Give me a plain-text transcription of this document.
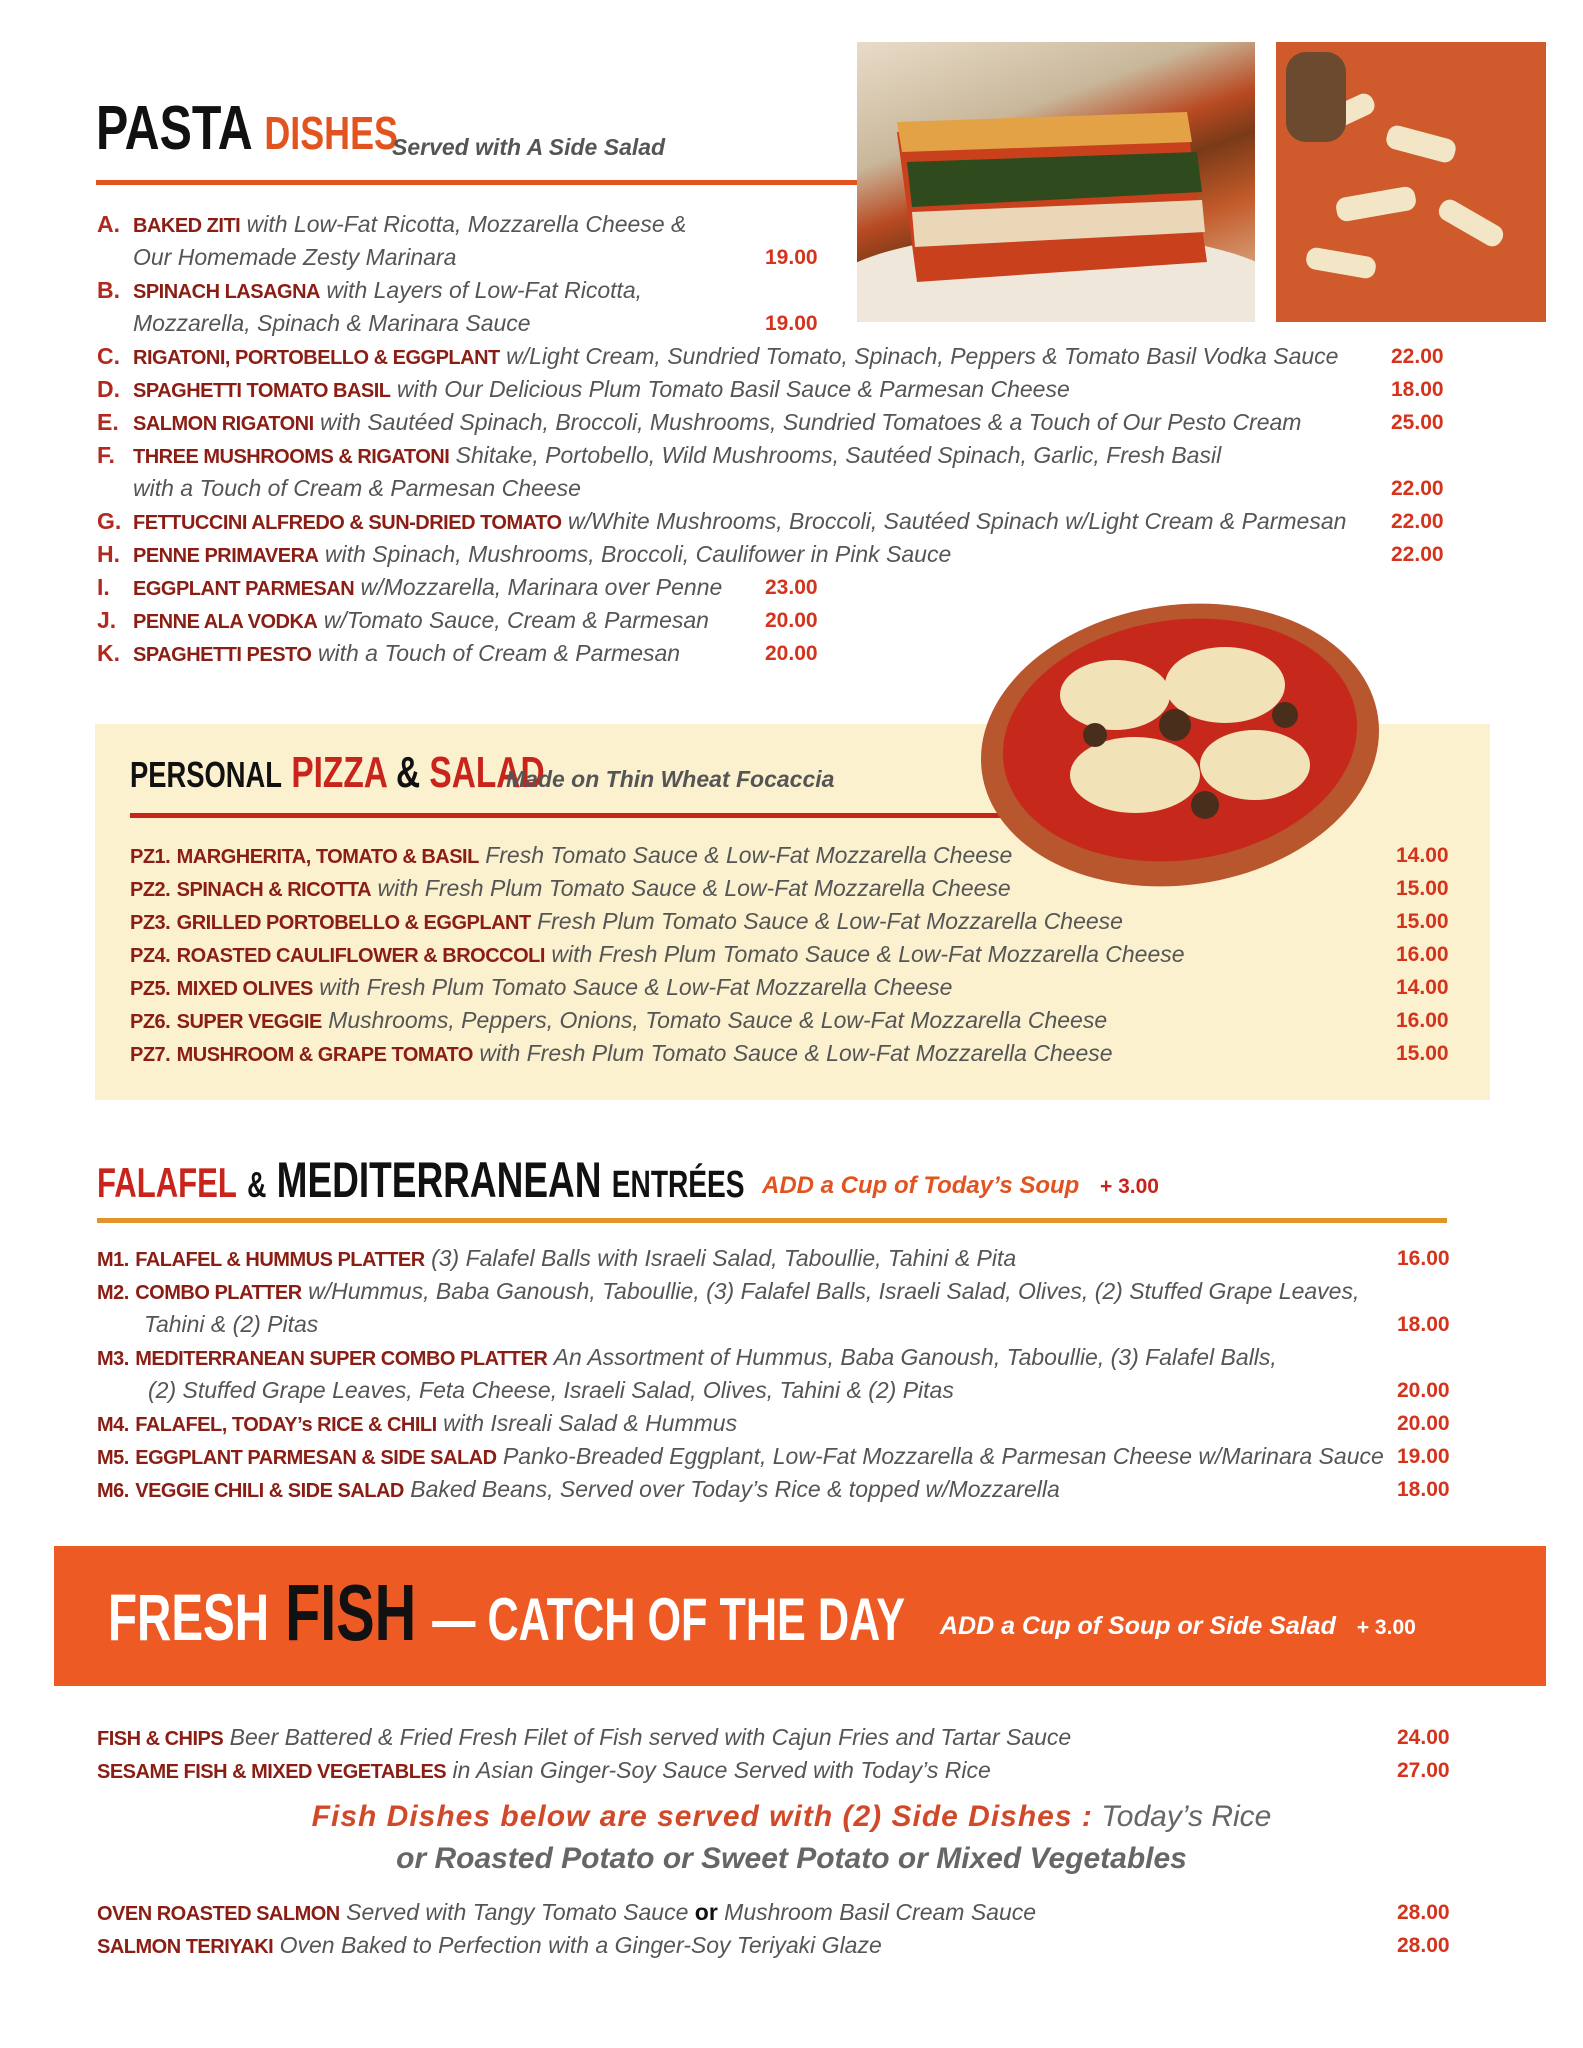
PASTA DISHES
Served with A Side Salad
A. BAKED ZITI with Low-Fat Ricotta, Mozzarella Cheese &
Our Homemade Zesty Marinara	19.00
B. SPINACH LASAGNA with Layers of Low-Fat Ricotta,
Mozzarella, Spinach & Marinara Sauce	19.00
C. RIGATONI, PORTOBELLO & EGGPLANT w/Light Cream, Sundried Tomato, Spinach, Peppers & Tomato Basil Vodka Sauce	22.00
D. SPAGHETTI TOMATO BASIL with Our Delicious Plum Tomato Basil Sauce & Parmesan Cheese	18.00
E. SALMON RIGATONI with Sautéed Spinach, Broccoli, Mushrooms, Sundried Tomatoes & a Touch of Our Pesto Cream	25.00
F. THREE MUSHROOMS & RIGATONI Shitake, Portobello, Wild Mushrooms, Sautéed Spinach, Garlic, Fresh Basil
with a Touch of Cream & Parmesan Cheese	22.00
G. FETTUCCINI ALFREDO & SUN-DRIED TOMATO w/White Mushrooms, Broccoli, Sautéed Spinach w/Light Cream & Parmesan 22.00
H. PENNE PRIMAVERA with Spinach, Mushrooms, Broccoli, Caulifower in Pink Sauce	22.00
I. EGGPLANT PARMESAN w/Mozzarella, Marinara over Penne 23.00
J. PENNE ALA VODKA w/Tomato Sauce, Cream & Parmesan	20.00
K. SPAGHETTI PESTO with a Touch of Cream & Parmesan	20.00
PERSONAL PIZZA & SALAD
Made on Thin Wheat Focaccia
PZ1. MARGHERITA, TOMATO & BASIL Fresh Tomato Sauce & Low-Fat Mozzarella Cheese	14.00
PZ2. SPINACH & RICOTTA with Fresh Plum Tomato Sauce & Low-Fat Mozzarella Cheese	15.00
PZ3. GRILLED PORTOBELLO & EGGPLANT Fresh Plum Tomato Sauce & Low-Fat Mozzarella Cheese	15.00
PZ4. ROASTED CAULIFLOWER & BROCCOLI with Fresh Plum Tomato Sauce & Low-Fat Mozzarella Cheese	16.00
PZ5. MIXED OLIVES with Fresh Plum Tomato Sauce & Low-Fat Mozzarella Cheese	14.00
PZ6. SUPER VEGGIE Mushrooms, Peppers, Onions, Tomato Sauce & Low-Fat Mozzarella Cheese	16.00
PZ7. MUSHROOM & GRAPE TOMATO with Fresh Plum Tomato Sauce & Low-Fat Mozzarella Cheese	15.00
FALAFEL & MEDITERRANEAN ENTRÉES ADD a Cup of Today’s Soup + 3.00
M1. FALAFEL & HUMMUS PLATTER (3) Falafel Balls with Israeli Salad, Taboullie, Tahini & Pita	16.00
M2. COMBO PLATTER w/Hummus, Baba Ganoush, Taboullie, (3) Falafel Balls, Israeli Salad, Olives, (2) Stuffed Grape Leaves,
Tahini & (2) Pitas	18.00
M3. MEDITERRANEAN SUPER COMBO PLATTER An Assortment of Hummus, Baba Ganoush, Taboullie, (3) Falafel Balls,
(2) Stuffed Grape Leaves, Feta Cheese, Israeli Salad, Olives, Tahini & (2) Pitas	20.00
M4. FALAFEL, TODAY’s RICE & CHILI with Isreali Salad & Hummus	20.00
M5. EGGPLANT PARMESAN & SIDE SALAD Panko-Breaded Eggplant, Low-Fat Mozzarella & Parmesan Cheese w/Marinara Sauce 19.00
M6. VEGGIE CHILI & SIDE SALAD Baked Beans, Served over Today’s Rice & topped w/Mozzarella	18.00
FRESH FISH — CATCH OF THE DAY ADD a Cup of Soup or Side Salad + 3.00
FISH & CHIPS Beer Battered & Fried Fresh Filet of Fish served with Cajun Fries and Tartar Sauce	24.00
SESAME FISH & MIXED VEGETABLES in Asian Ginger-Soy Sauce Served with Today’s Rice	27.00
Fish Dishes below are served with (2) Side Dishes : Today’s Rice
or Roasted Potato or Sweet Potato or Mixed Vegetables
OVEN ROASTED SALMON Served with Tangy Tomato Sauce or Mushroom Basil Cream Sauce	28.00
SALMON TERIYAKI Oven Baked to Perfection with a Ginger-Soy Teriyaki Glaze	28.00
